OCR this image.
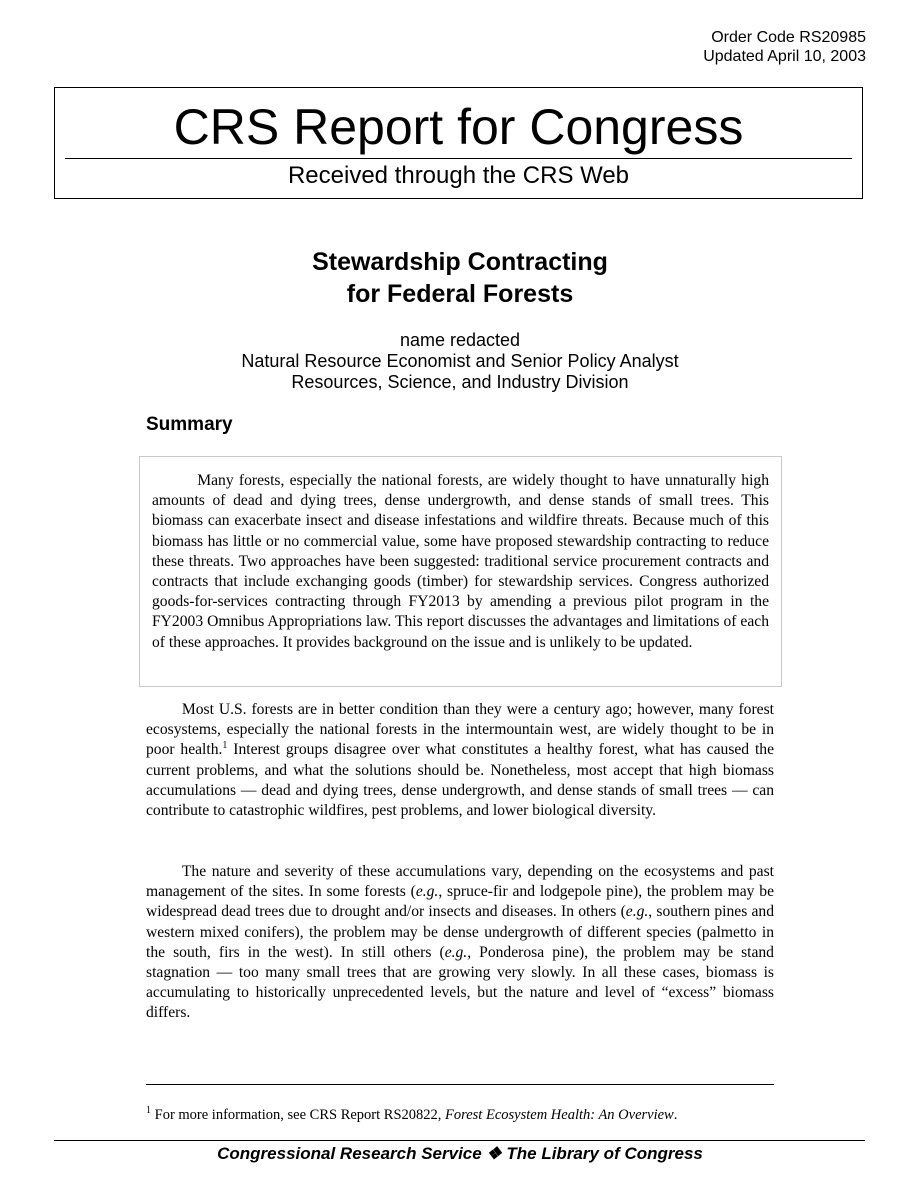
Order Code RS20985
Updated April 10, 2003
CRS Report for Congress
Received through the CRS Web
Stewardship Contracting
for Federal Forests
name redacted
Natural Resource Economist and Senior Policy Analyst
Resources, Science, and Industry Division
Summary

Many forests, especially the national forests, are widely thought to have unnaturally high amounts of dead and dying trees, dense undergrowth, and dense stands of small trees. This biomass can exacerbate insect and disease infestations and wildfire threats. Because much of this biomass has little or no commercial value, some have proposed stewardship contracting to reduce these threats. Two approaches have been suggested: traditional service procurement contracts and contracts that include exchanging goods (timber) for stewardship services. Congress authorized goods-for-services contracting through FY2013 by amending a previous pilot program in the FY2003 Omnibus Appropriations law. This report discusses the advantages and limitations of each of these approaches. It provides background on the issue and is unlikely to be updated.

Most U.S. forests are in better condition than they were a century ago; however, many forest ecosystems, especially the national forests in the intermountain west, are widely thought to be in poor health.$^1$ Interest groups disagree over what constitutes a healthy forest, what has caused the current problems, and what the solutions should be. Nonetheless, most accept that high biomass accumulations — dead and dying trees, dense undergrowth, and dense stands of small trees — can contribute to catastrophic wildfires, pest problems, and lower biological diversity.

The nature and severity of these accumulations vary, depending on the ecosystems and past management of the sites. In some forests (e.g., spruce-fir and lodgepole pine), the problem may be widespread dead trees due to drought and/or insects and diseases. In others (e.g., southern pines and western mixed conifers), the problem may be dense undergrowth of different species (palmetto in the south, firs in the west). In still others (e.g., Ponderosa pine), the problem may be stand stagnation — too many small trees that are growing very slowly. In all these cases, biomass is accumulating to historically unprecedented levels, but the nature and level of “excess” biomass differs.

$^1$ For more information, see CRS Report RS20822, Forest Ecosystem Health: An Overview.

Congressional Research Service ❖ The Library of Congress
